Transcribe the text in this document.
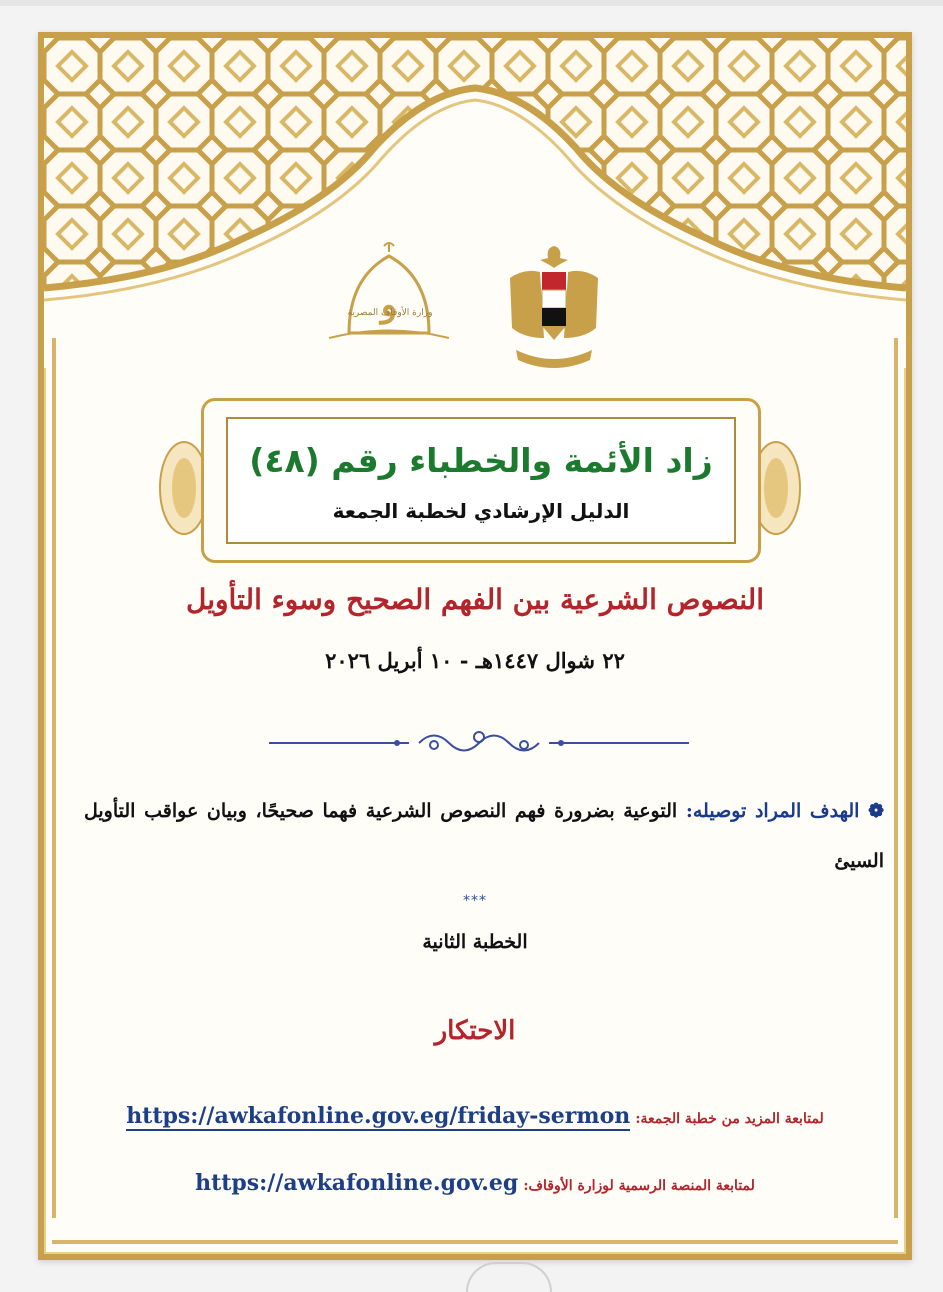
و
وزارة الأوقاف المصرية
زاد الأئمة والخطباء رقم (٤٨)
الدليل الإرشادي لخطبة الجمعة
النصوص الشرعية بين الفهم الصحيح وسوء التأويل
٢٢ شوال ١٤٤٧هـ - ١٠ أبريل ٢٠٢٦
❁ الهدف المراد توصيله: التوعية بضرورة فهم النصوص الشرعية فهما صحيحًا، وبيان عواقب التأويل السيئ
***
الخطبة الثانية
الاحتكار
لمتابعة المزيد من خطبة الجمعة: https://awkafonline.gov.eg/friday-sermon
لمتابعة المنصة الرسمية لوزارة الأوقاف: https://awkafonline.gov.eg
